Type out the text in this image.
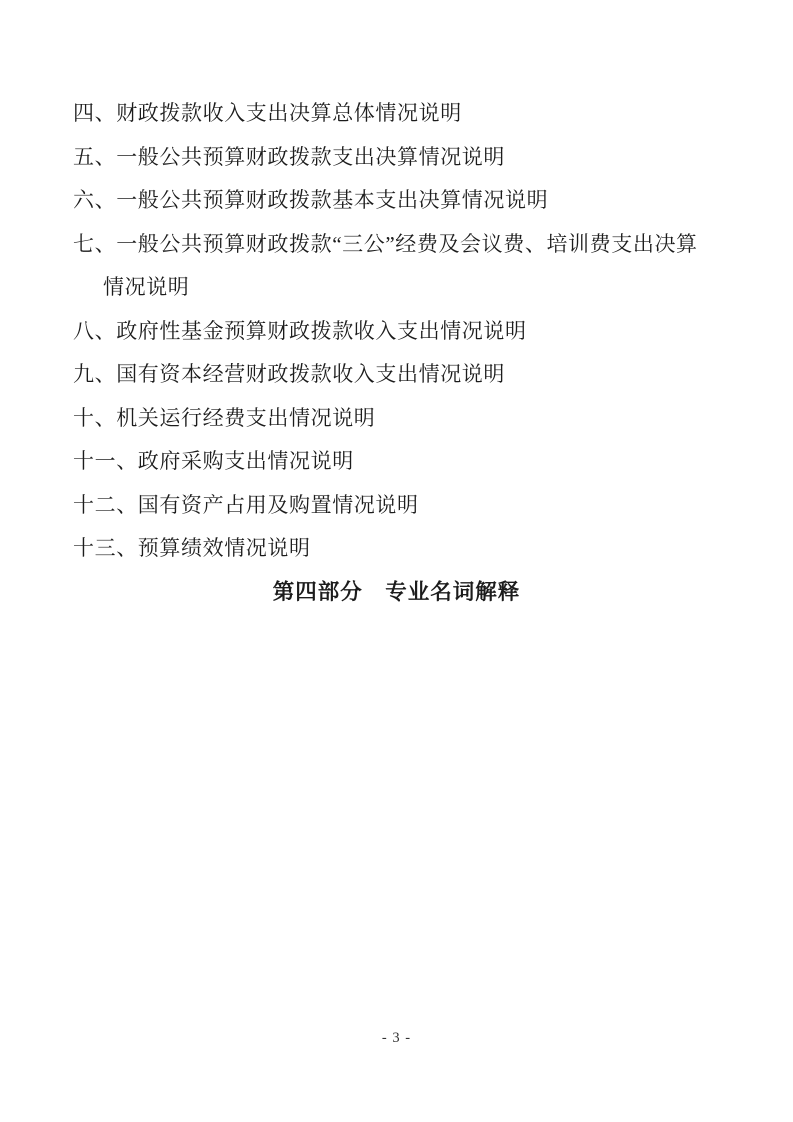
四、财政拨款收入支出决算总体情况说明
五、一般公共预算财政拨款支出决算情况说明
六、一般公共预算财政拨款基本支出决算情况说明
七、一般公共预算财政拨款“三公”经费及会议费、培训费支出决算
情况说明
八、政府性基金预算财政拨款收入支出情况说明
九、国有资本经营财政拨款收入支出情况说明
十、机关运行经费支出情况说明
十一、政府采购支出情况说明
十二、国有资产占用及购置情况说明
十三、预算绩效情况说明
第四部分　专业名词解释
- 3 -
